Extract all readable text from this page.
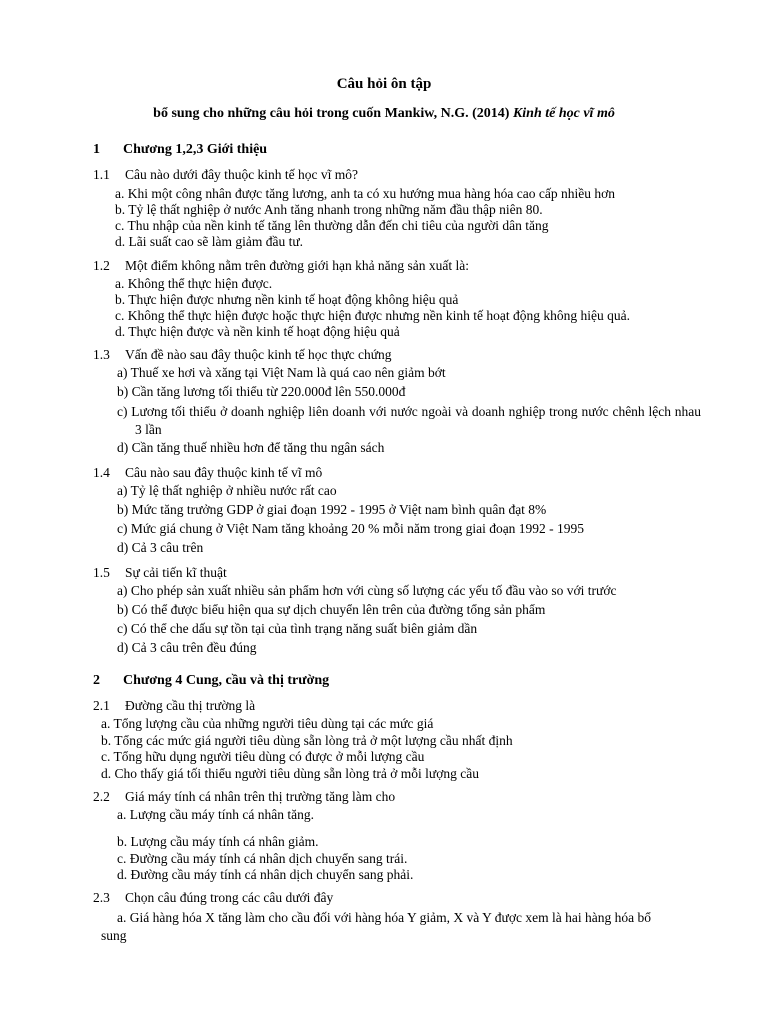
Câu hỏi ôn tập
bổ sung cho những câu hỏi trong cuốn Mankiw, N.G. (2014) Kinh tế học vĩ mô
1 Chương 1,2,3 Giới thiệu
1.1 Câu nào dưới đây thuộc kinh tế học vĩ mô?
a. Khi một công nhân được tăng lương, anh ta có xu hướng mua hàng hóa cao cấp nhiều hơn
b. Tỷ lệ thất nghiệp ở nước Anh tăng nhanh trong những năm đầu thập niên 80.
c. Thu nhập của nền kinh tế tăng lên thường dẫn đến chi tiêu của người dân tăng
d. Lãi suất cao sẽ làm giảm đầu tư.
1.2 Một điểm không nằm trên đường giới hạn khả năng sản xuất là:
a. Không thể thực hiện được.
b. Thực hiện được nhưng nền kinh tế hoạt động không hiệu quả
c. Không thể thực hiện được hoặc thực hiện được nhưng nền kinh tế hoạt động không hiệu quả.
d. Thực hiện được và nền kinh tế hoạt động hiệu quả
1.3 Vấn đề nào sau đây thuộc kinh tế học thực chứng
a) Thuế xe hơi và xăng tại Việt Nam là quá cao nên giảm bớt
b) Cần tăng lương tối thiểu từ 220.000đ lên 550.000đ
c) Lương tối thiểu ở doanh nghiệp liên doanh với nước ngoài và doanh nghiệp trong nước chênh lệch nhau 3 lần
d) Cần tăng thuế nhiều hơn để tăng thu ngân sách
1.4 Câu nào sau đây thuộc kinh tế vĩ mô
a) Tỷ lệ thất nghiệp ở nhiều nước rất cao
b) Mức tăng trưởng GDP ở giai đoạn 1992 - 1995 ở Việt nam bình quân đạt 8%
c) Mức giá chung ở Việt Nam tăng khoảng 20 % mỗi năm trong giai đoạn 1992 - 1995
d) Cả 3 câu trên
1.5 Sự cải tiến kĩ thuật
a) Cho phép sản xuất nhiều sản phẩm hơn với cùng số lượng các yếu tố đầu vào so với trước
b) Có thể được biểu hiện qua sự dịch chuyển lên trên của đường tổng sản phẩm
c) Có thể che dấu sự tồn tại của tình trạng năng suất biên giảm dần
d) Cả 3 câu trên đều đúng
2 Chương 4 Cung, cầu và thị trường
2.1 Đường cầu thị trường là
a. Tổng lượng cầu của những người tiêu dùng tại các mức giá
b. Tổng các mức giá người tiêu dùng sẵn lòng trả ở một lượng cầu nhất định
c. Tổng hữu dụng người tiêu dùng có được ở mỗi lượng cầu
d. Cho thấy giá tối thiểu người tiêu dùng sẵn lòng trả ở mỗi lượng cầu
2.2 Giá máy tính cá nhân trên thị trường tăng làm cho
a. Lượng cầu máy tính cá nhân tăng.
b. Lượng cầu máy tính cá nhân giảm.
c. Đường cầu máy tính cá nhân dịch chuyển sang trái.
d. Đường cầu máy tính cá nhân dịch chuyển sang phải.
2.3 Chọn câu đúng trong các câu dưới đây
a. Giá hàng hóa X tăng làm cho cầu đối với hàng hóa Y giảm, X và Y được xem là hai hàng hóa bổ sung
